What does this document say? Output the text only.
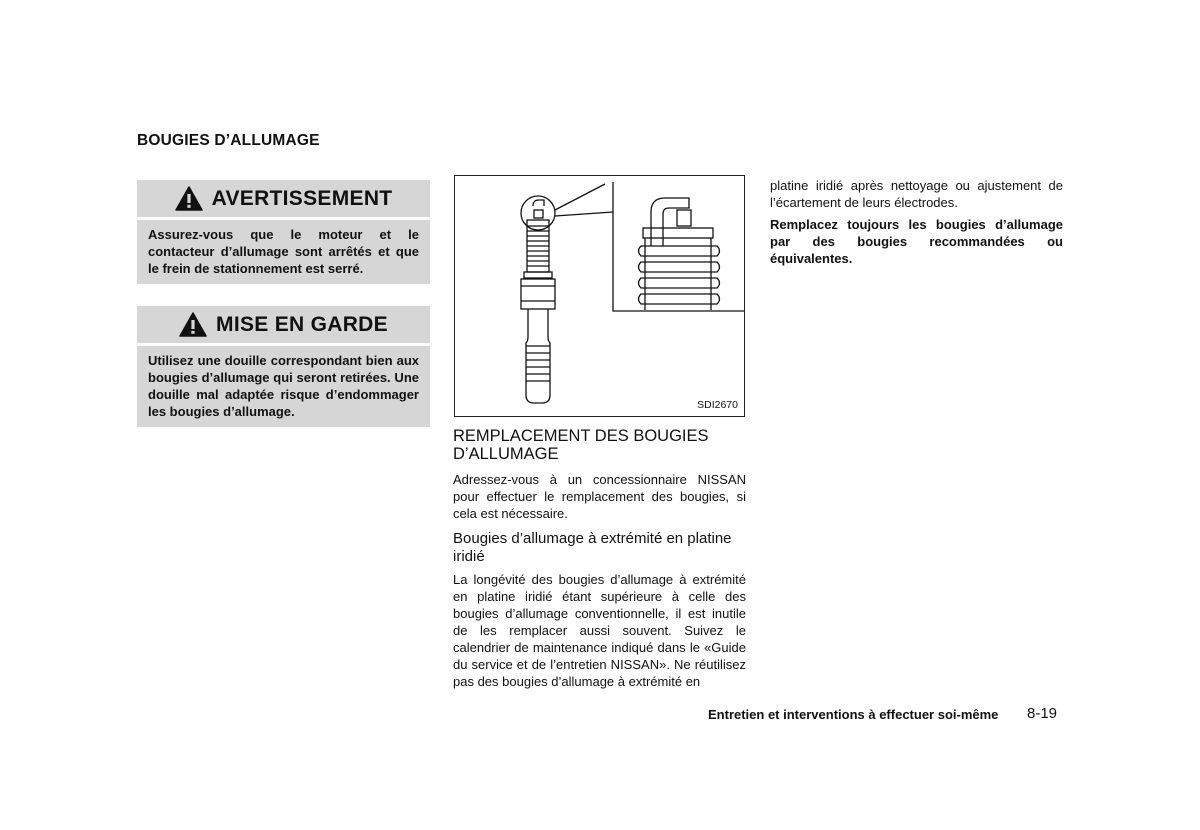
BOUGIES D’ALLUMAGE
AVERTISSEMENT
Assurez-vous que le moteur et le contacteur d’allumage sont arrêtés et que le frein de stationnement est serré.
MISE EN GARDE
Utilisez une douille correspondant bien aux bougies d’allumage qui seront retirées. Une douille mal adaptée risque d’endommager les bougies d’allumage.	SDI2670
REMPLACEMENT DES BOUGIES D’ALLUMAGE
Adressez-vous à un concessionnaire NISSAN pour effectuer le remplacement des bougies, si cela est nécessaire.
Bougies d’allumage à extrémité en platine iridié
La longévité des bougies d’allumage à extrémité en platine iridié étant supérieure à celle des bougies d’allumage conventionnelle, il est inutile de les remplacer aussi souvent. Suivez le calendrier de maintenance indiqué dans le «Guide du service et de l’entretien NISSAN». Ne réutilisez pas des bougies d’allumage à extrémité en
platine iridié après nettoyage ou ajustement de l’écartement de leurs électrodes.
Remplacez toujours les bougies d’allumage par des bougies recommandées ou équivalentes.
Entretien et interventions à effectuer soi-même 8-19
